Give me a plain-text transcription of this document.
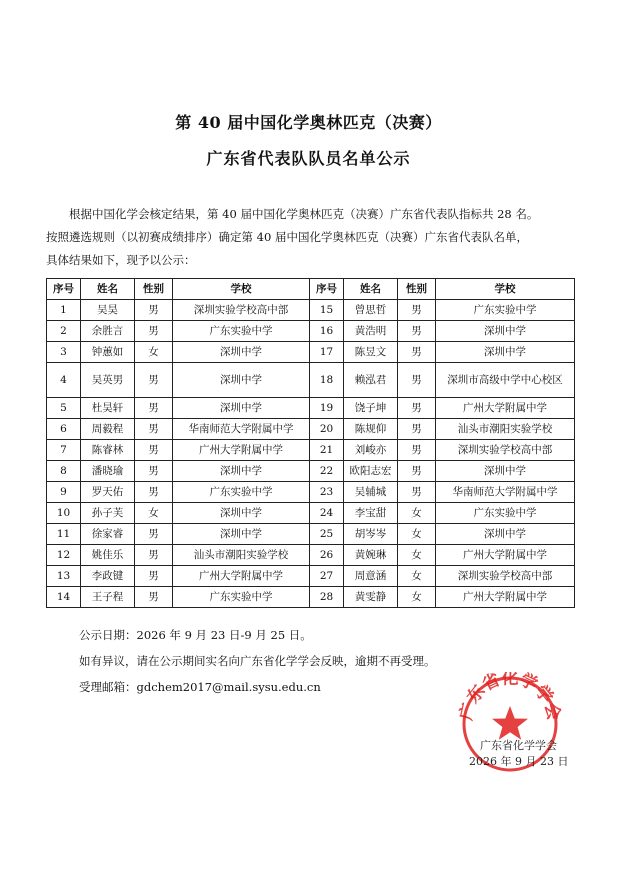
第 40 届中国化学奥林匹克（决赛）
广东省代表队队员名单公示

根据中国化学会核定结果，第 40 届中国化学奥林匹克（决赛）广东省代表队指标共 28 名。

按照遴选规则（以初赛成绩排序）确定第 40 届中国化学奥林匹克（决赛）广东省代表队名单，

具体结果如下，现予以公示：

序号	姓名	性别	学校	序号	姓名	性别	学校
1	吴昊	男	深圳实验学校高中部	15	曾思哲	男	广东实验中学
2	余胜言	男	广东实验中学	16	黄浩明	男	深圳中学
3	钟蕙如	女	深圳中学	17	陈昱文	男	深圳中学
4	吴英男	男	深圳中学	18	赖泓君	男	深圳市高级中学中心校区
5	杜昊轩	男	深圳中学	19	饶子坤	男	广州大学附属中学
6	周毅程	男	华南师范大学附属中学	20	陈规仰	男	汕头市潮阳实验学校
7	陈睿林	男	广州大学附属中学	21	刘峻亦	男	深圳实验学校高中部
8	潘晓瑜	男	深圳中学	22	欧阳志宏	男	深圳中学
9	罗天佑	男	广东实验中学	23	吴辅城	男	华南师范大学附属中学
10	孙子芙	女	深圳中学	24	李宝甜	女	广东实验中学
11	徐家睿	男	深圳中学	25	胡岑岑	女	深圳中学
12	姚佳乐	男	汕头市潮阳实验学校	26	黄婉琳	女	广州大学附属中学
13	李政键	男	广州大学附属中学	27	周意涵	女	深圳实验学校高中部
14	王子程	男	广东实验中学	28	黄雯静	女	广州大学附属中学

公示日期：2026 年 9 月 23 日-9 月 25 日。

如有异议，请在公示期间实名向广东省化学学会反映，逾期不再受理。

受理邮箱：gdchem2017@mail.sysu.edu.cn

广东省化学学会
广东省化学学会
2026 年 9 月 23 日
